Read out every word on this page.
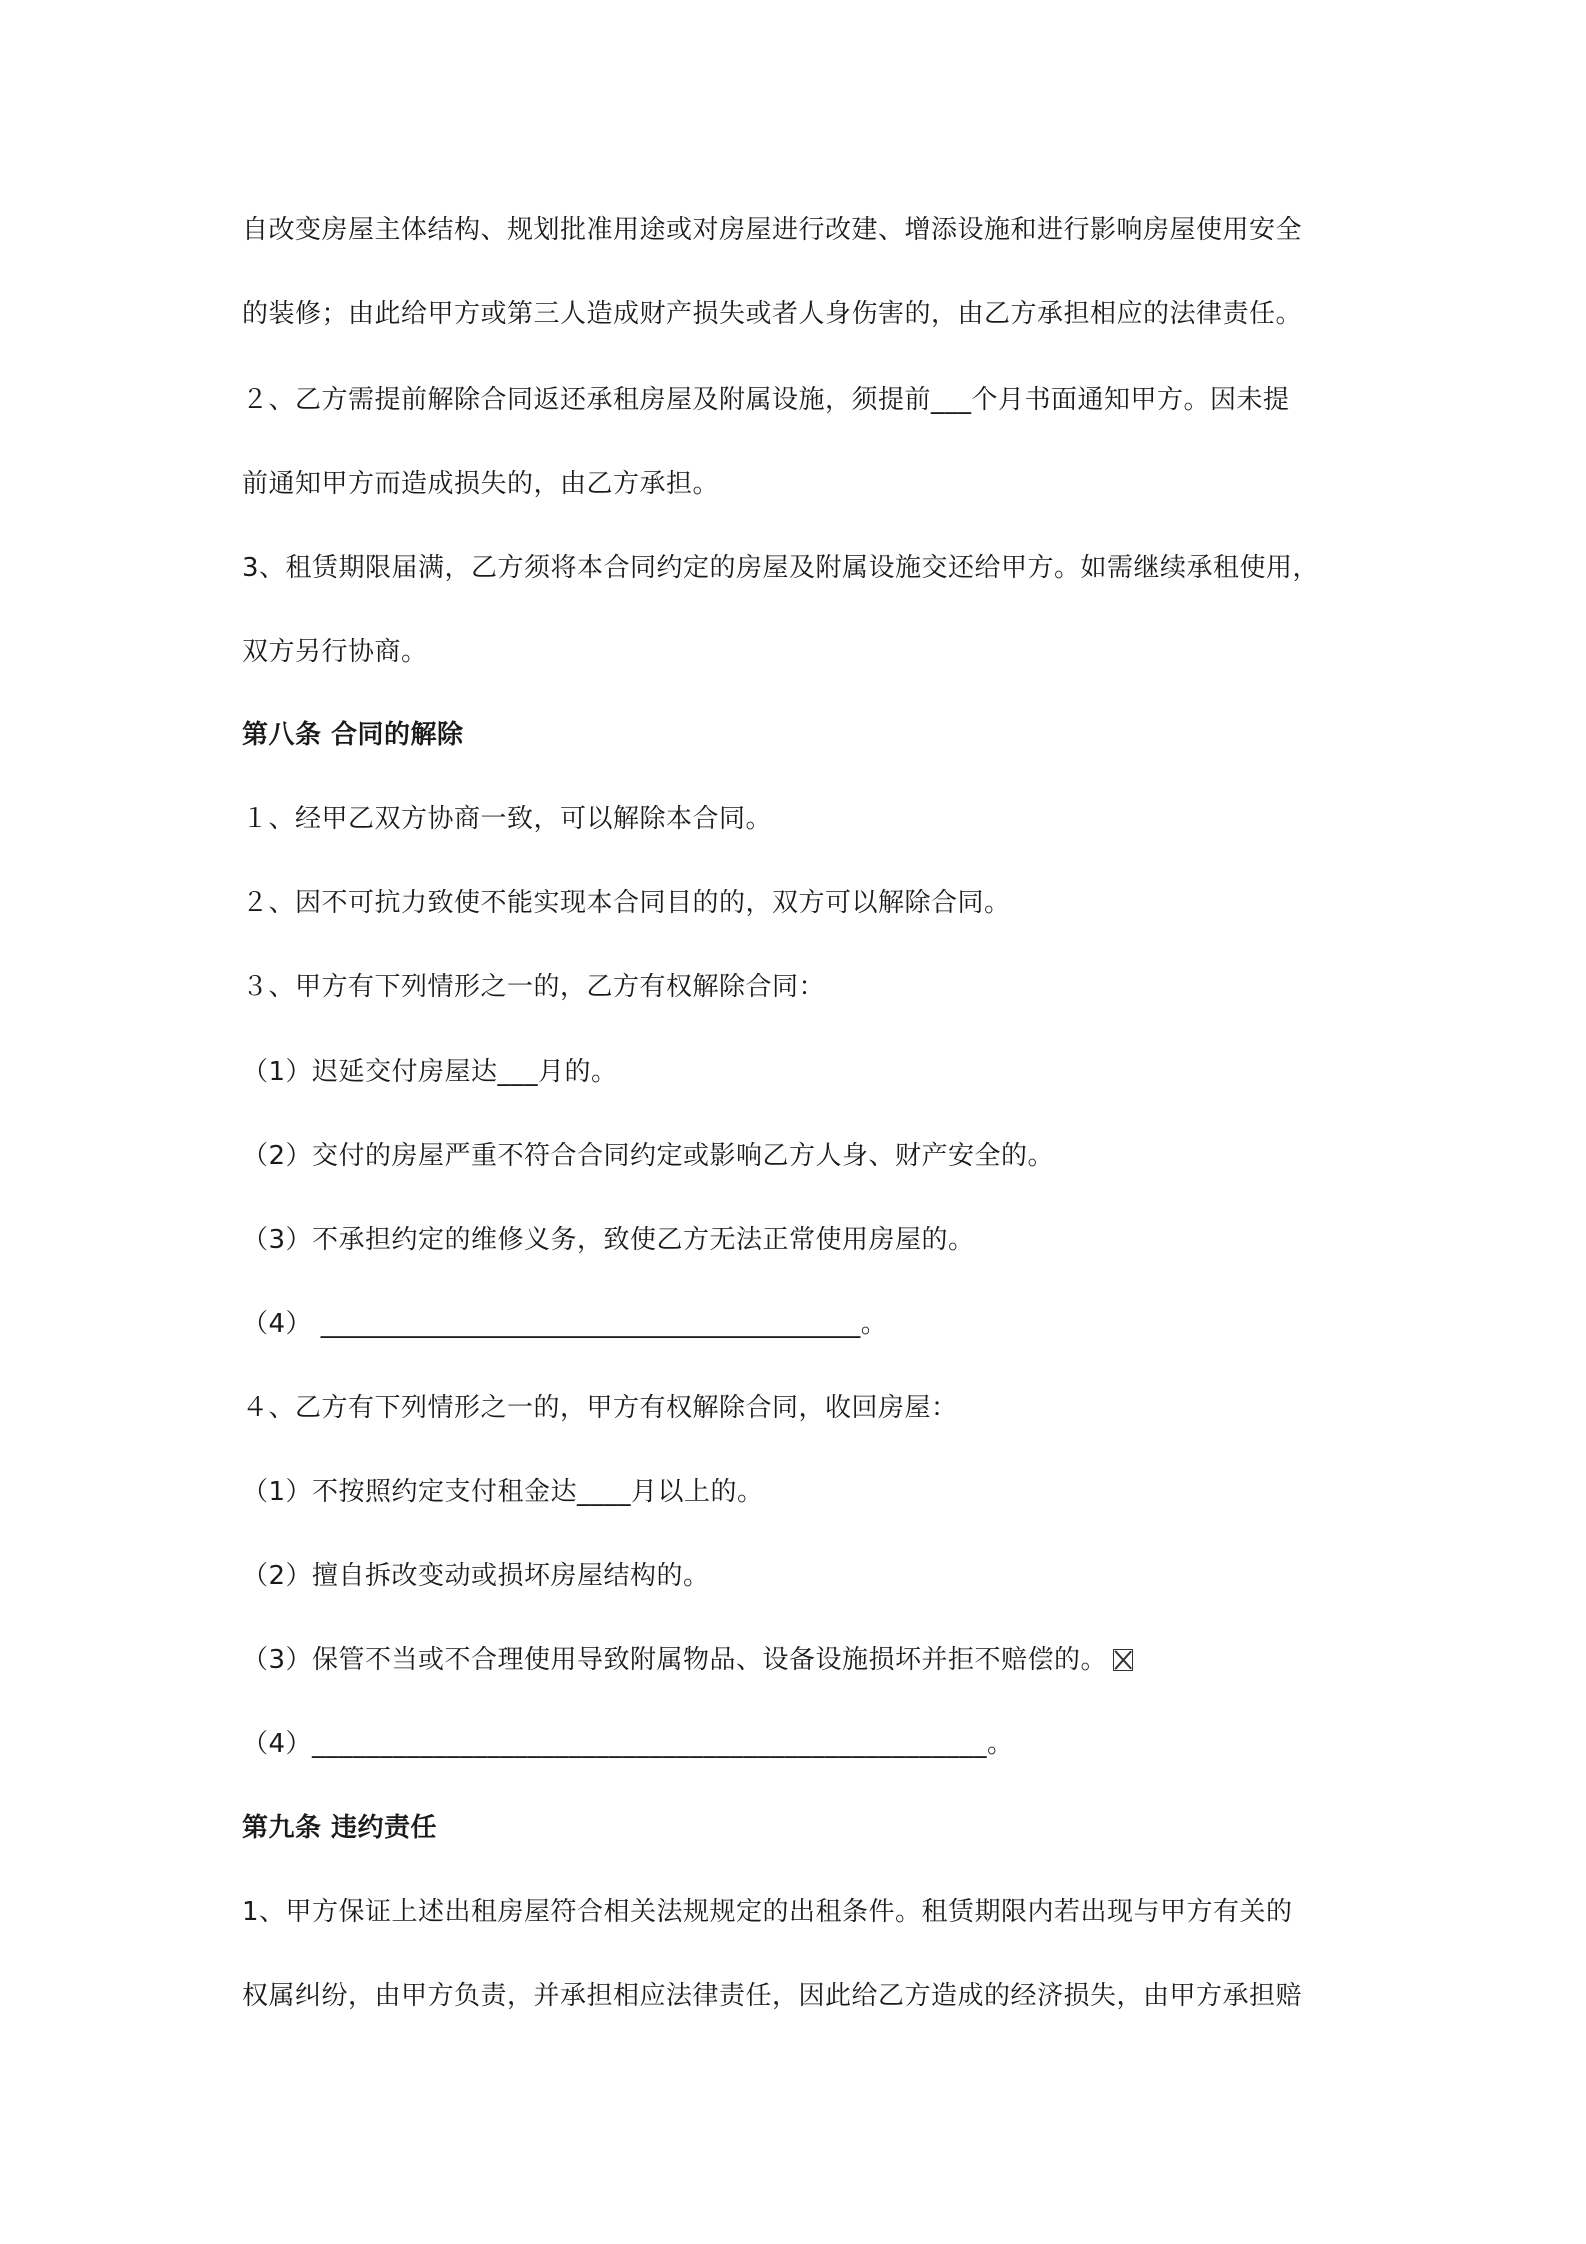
自改变房屋主体结构、规划批准用途或对房屋进行改建、增添设施和进行影响房屋使用安全
的装修；由此给甲方或第三人造成财产损失或者人身伤害的，由乙方承担相应的法律责任。
２、乙方需提前解除合同返还承租房屋及附属设施，须提前___个月书面通知甲方。因未提
前通知甲方而造成损失的，由乙方承担。
3、租赁期限届满，乙方须将本合同约定的房屋及附属设施交还给甲方。如需继续承租使用，
双方另行协商。
第八条 合同的解除
１、经甲乙双方协商一致，可以解除本合同。
２、因不可抗力致使不能实现本合同目的的，双方可以解除合同。
３、甲方有下列情形之一的，乙方有权解除合同：
（1）迟延交付房屋达___月的。
（2）交付的房屋严重不符合合同约定或影响乙方人身、财产安全的。
（3）不承担约定的维修义务，致使乙方无法正常使用房屋的。
（4） ________________________________________。
４、乙方有下列情形之一的，甲方有权解除合同，收回房屋：
（1）不按照约定支付租金达____月以上的。
（2）擅自拆改变动或损坏房屋结构的。
（3）保管不当或不合理使用导致附属物品、设备设施损坏并拒不赔偿的。
（4）__________________________________________________。
第九条 违约责任
1、甲方保证上述出租房屋符合相关法规规定的出租条件。租赁期限内若出现与甲方有关的
权属纠纷，由甲方负责，并承担相应法律责任，因此给乙方造成的经济损失，由甲方承担赔
